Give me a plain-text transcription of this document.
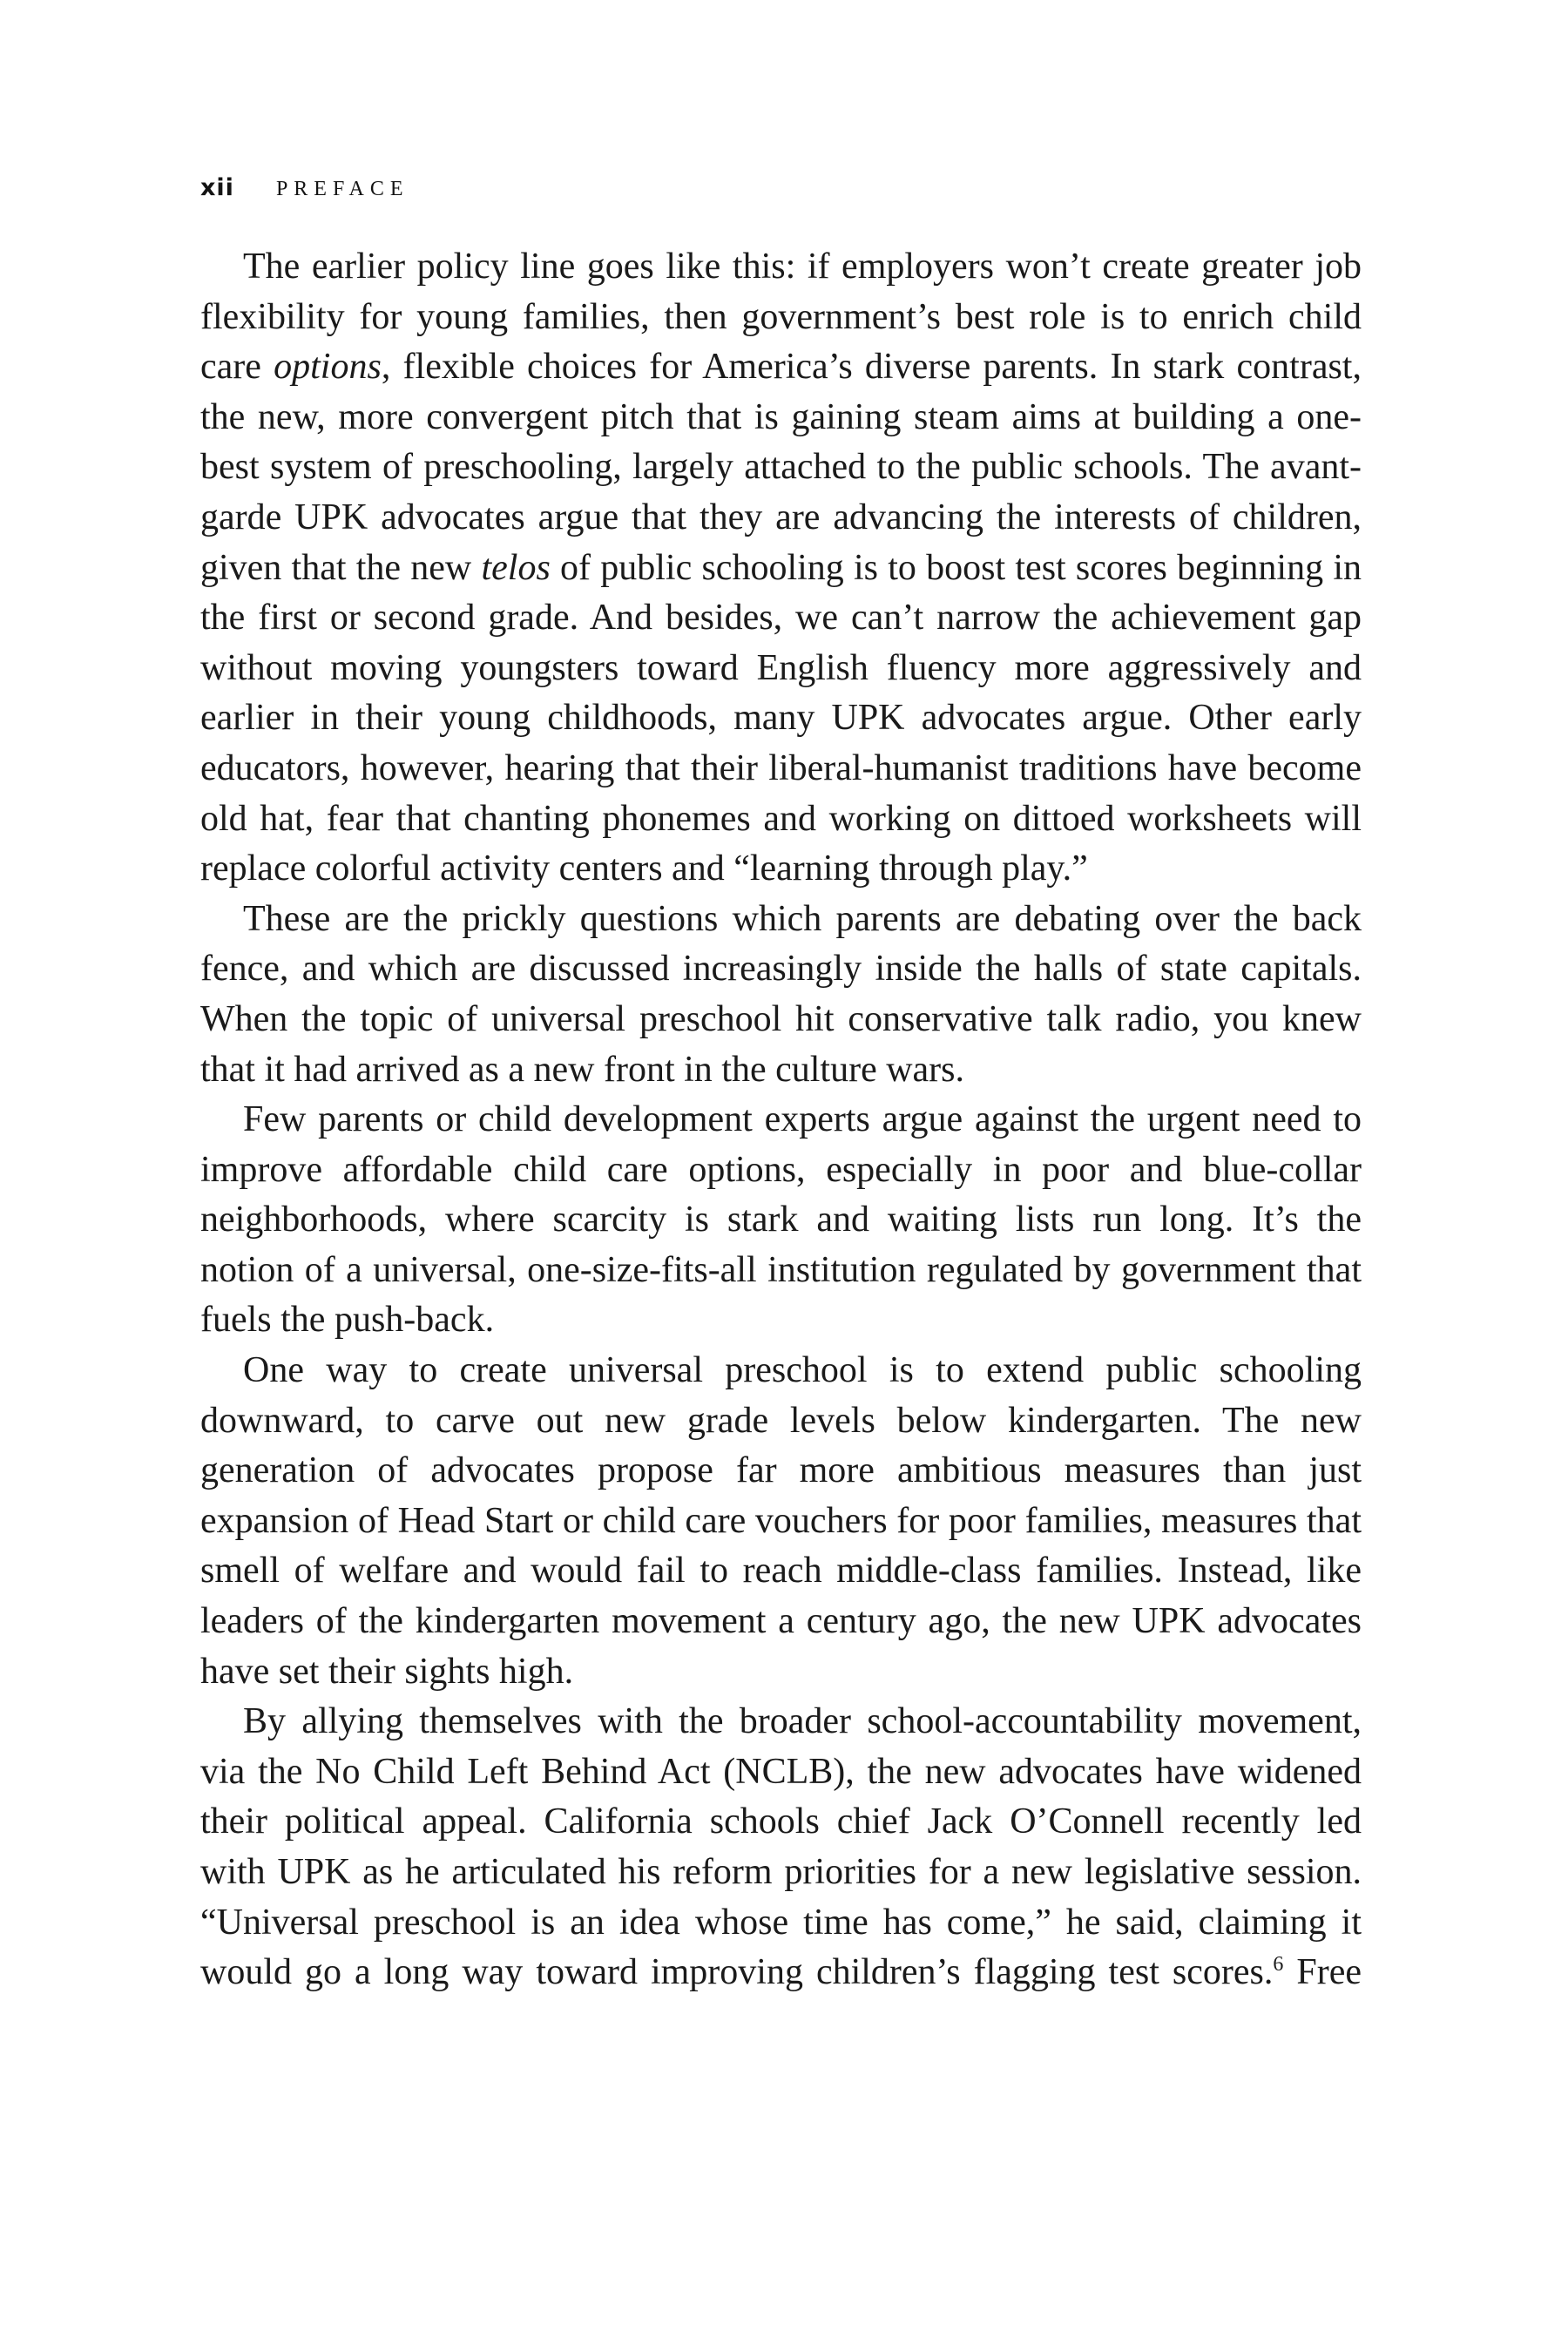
xii PREFACE

The earlier policy line goes like this: if employers won’t create greater job flexibility for young families, then government’s best role is to enrich child care options, flexible choices for America’s diverse parents. In stark contrast, the new, more convergent pitch that is gaining steam aims at building a one-best system of preschooling, largely attached to the public schools. The avant-garde UPK advocates argue that they are advancing the interests of children, given that the new telos of public schooling is to boost test scores beginning in the first or second grade. And besides, we can’t narrow the achievement gap without moving youngsters toward English fluency more aggressively and earlier in their young childhoods, many UPK advocates argue. Other early educators, however, hearing that their liberal-humanist traditions have become old hat, fear that chanting phonemes and working on dittoed worksheets will replace colorful activity centers and “learning through play.”

These are the prickly questions which parents are debating over the back fence, and which are discussed increasingly inside the halls of state capitals. When the topic of universal preschool hit conservative talk radio, you knew that it had arrived as a new front in the culture wars.

Few parents or child development experts argue against the urgent need to improve affordable child care options, especially in poor and blue-collar neighborhoods, where scarcity is stark and waiting lists run long. It’s the notion of a universal, one-size-fits-all institution regulated by government that fuels the push-back.

One way to create universal preschool is to extend public schooling downward, to carve out new grade levels below kindergarten. The new generation of advocates propose far more ambitious measures than just expansion of Head Start or child care vouchers for poor families, measures that smell of welfare and would fail to reach middle-class families. Instead, like leaders of the kindergarten movement a century ago, the new UPK advocates have set their sights high.

By allying themselves with the broader school-accountability movement, via the No Child Left Behind Act (NCLB), the new advocates have widened their political appeal. California schools chief Jack O’Connell recently led with UPK as he articulated his reform priorities for a new legislative session. “Universal preschool is an idea whose time has come,” he said, claiming it would go a long way toward improving children’s flagging test scores.$^6$ Free
